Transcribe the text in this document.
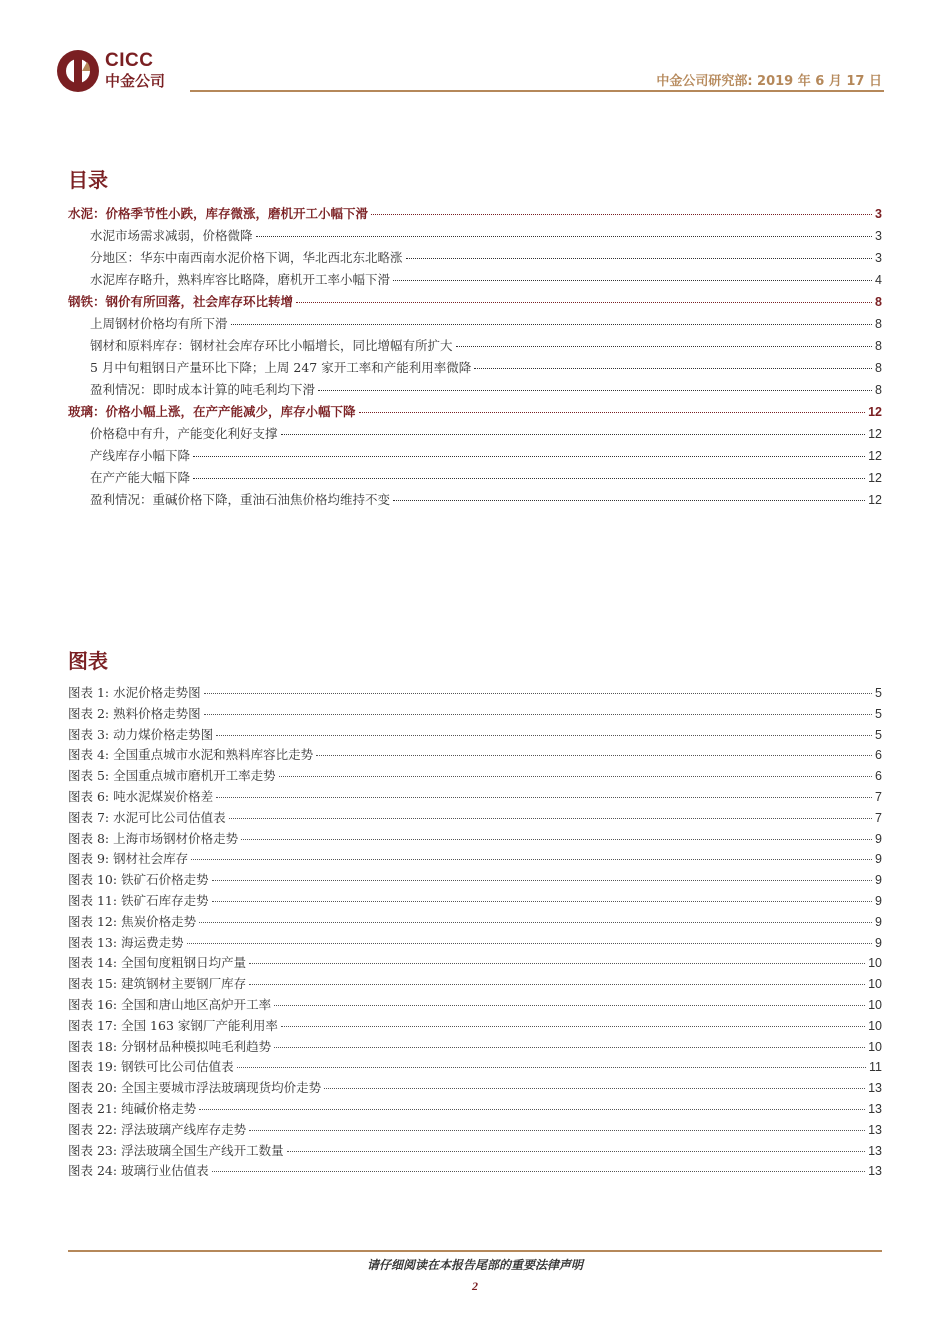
CICC
中金公司	中金公司研究部: 2019 年 6 月 17 日
目录
水泥：价格季节性小跌，库存微涨，磨机开工小幅下滑	3
水泥市场需求减弱，价格微降	3
分地区：华东中南西南水泥价格下调，华北西北东北略涨	3
水泥库存略升，熟料库容比略降，磨机开工率小幅下滑	4
钢铁：钢价有所回落，社会库存环比转增	8
上周钢材价格均有所下滑	8
钢材和原料库存：钢材社会库存环比小幅增长，同比增幅有所扩大	8
5 月中旬粗钢日产量环比下降；上周 247 家开工率和产能利用率微降	8
盈利情况：即时成本计算的吨毛利均下滑	8
玻璃：价格小幅上涨，在产产能减少，库存小幅下降	12
价格稳中有升，产能变化利好支撑	12
产线库存小幅下降	12
在产产能大幅下降	12
盈利情况：重碱价格下降，重油石油焦价格均维持不变	12
图表
图表 1: 水泥价格走势图	5
图表 2: 熟料价格走势图	5
图表 3: 动力煤价格走势图	5
图表 4: 全国重点城市水泥和熟料库容比走势	6
图表 5: 全国重点城市磨机开工率走势	6
图表 6: 吨水泥煤炭价格差	7
图表 7: 水泥可比公司估值表	7
图表 8: 上海市场钢材价格走势	9
图表 9: 钢材社会库存	9
图表 10: 铁矿石价格走势	9
图表 11: 铁矿石库存走势	9
图表 12: 焦炭价格走势	9
图表 13: 海运费走势	9
图表 14: 全国旬度粗钢日均产量	10
图表 15: 建筑钢材主要钢厂库存	10
图表 16: 全国和唐山地区高炉开工率	10
图表 17: 全国 163 家钢厂产能利用率	10
图表 18: 分钢材品种模拟吨毛利趋势	10
图表 19: 钢铁可比公司估值表	11
图表 20: 全国主要城市浮法玻璃现货均价走势	13
图表 21: 纯碱价格走势	13
图表 22: 浮法玻璃产线库存走势	13
图表 23: 浮法玻璃全国生产线开工数量	13
图表 24: 玻璃行业估值表	13
请仔细阅读在本报告尾部的重要法律声明
2
